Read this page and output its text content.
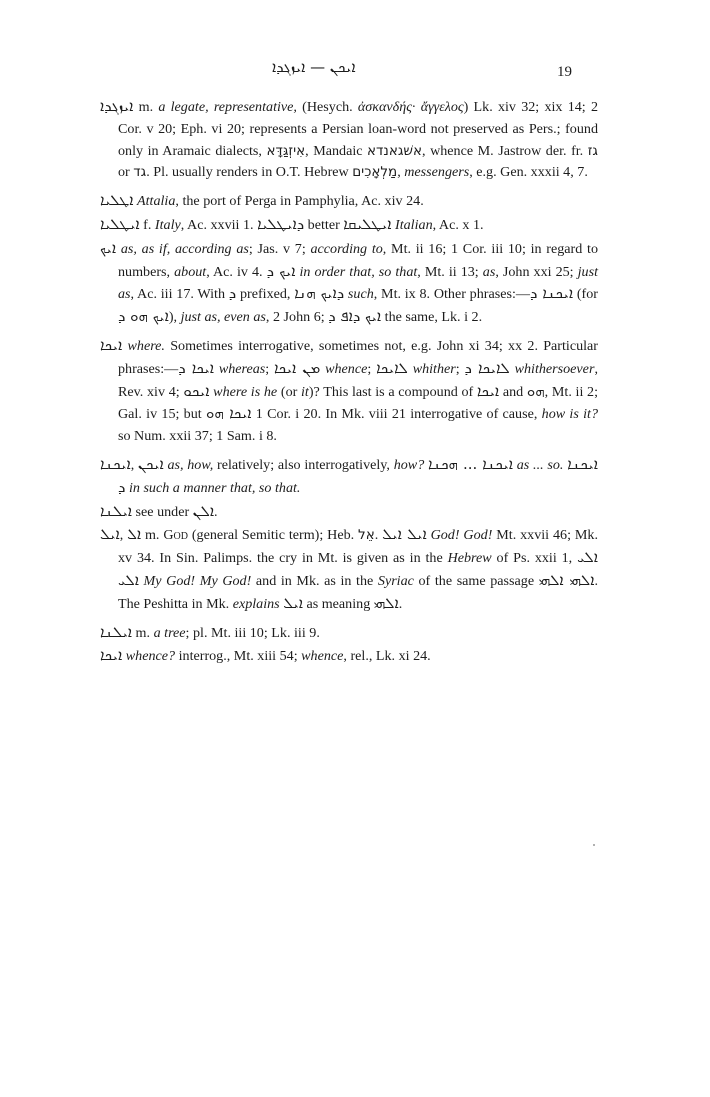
ܐܝܟܢ — ܐܝܙܓܕܐ	19

ܐܝܙܓܕܐ m. a legate, representative, (Hesych. ἀσκανδής· ἄγγελος) Lk. xiv 32; xix 14; 2 Cor. v 20; Eph. vi 20; represents a Persian loan-word not preserved as Pers.; found only in Aramaic dialects, אִיזְגַּדָּא, Mandaic אשׁגאנדא, whence M. Jastrow der. fr. גז or גד. Pl. usually renders in O.T. Hebrew מַלְאָכִים, messengers, e.g. Gen. xxxii 4, 7.

ܐܛܠܝܐ Attalia, the port of Perga in Pamphylia, Ac. xiv 24.

ܐܝܛܠܝܐ f. Italy, Ac. xxvii 1. ܕܐܝܛܠܝܐ better ܐܝܛܠܝܩܐ Italian, Ac. x 1.

ܐܝܟ as, as if, according as; Jas. v 7; according to, Mt. ii 16; 1 Cor. iii 10; in regard to numbers, about, Ac. iv 4. ܐܝܟ ܕ in order that, so that, Mt. ii 13; as, John xxi 25; just as, Ac. iii 17. With ܕ prefixed, ܕܐܝܟ ܗܢܐ such, Mt. ix 8. Other phrases:—ܐܝܟܢܐ ܕ (for ܐܝܟ ܗܘ ܕ), just as, even as, 2 John 6; ܐܝܟ ܕܐܦ ܕ the same, Lk. i 2.

ܐܝܟܐ where. Sometimes interrogative, sometimes not, e.g. John xi 34; xx 2. Particular phrases:—ܐܝܟܐ ܕ whereas; ܡܢ ܐܝܟܐ whence; ܠܐܝܟܐ whither; ܠܐܝܟܐ ܕ whithersoever, Rev. xiv 4; ܐܝܟܘ where is he (or it)? This last is a compound of ܐܝܟܐ and ܗܘ, Mt. ii 2; Gal. iv 15; but ܐܝܟܐ ܗܘ 1 Cor. i 20. In Mk. viii 21 interrogative of cause, how is it? so Num. xxii 37; 1 Sam. i 8.

ܐܝܟܢܐ, ܐܝܟܢ as, how, relatively; also interrogatively, how? ܐܝܟܢܐ ... ܗܟܢܐ as ... so. ܐܝܟܢܐ ܕ in such a manner that, so that.

ܐܝܠܢܐ see under ܐܠܢ.

ܐܝܠ, ܐܠ m. God (general Semitic term); Heb. אֵל. ܐܝܠ ܐܝܠ God! God! Mt. xxvii 46; Mk. xv 34. In Sin. Palimps. the cry in Mt. is given as in the Hebrew of Ps. xxii 1, ܐܠܝ ܐܠܝ My God! My God! and in Mk. as in the Syriac of the same passage ܐܠܗܝ ܐܠܗܝ. The Peshitta in Mk. explains ܐܝܠ as meaning ܐܠܗܝ.

ܐܝܠܢܐ m. a tree; pl. Mt. iii 10; Lk. iii 9.

ܐܝܟܐ whence? interrog., Mt. xiii 54; whence, rel., Lk. xi 24.
